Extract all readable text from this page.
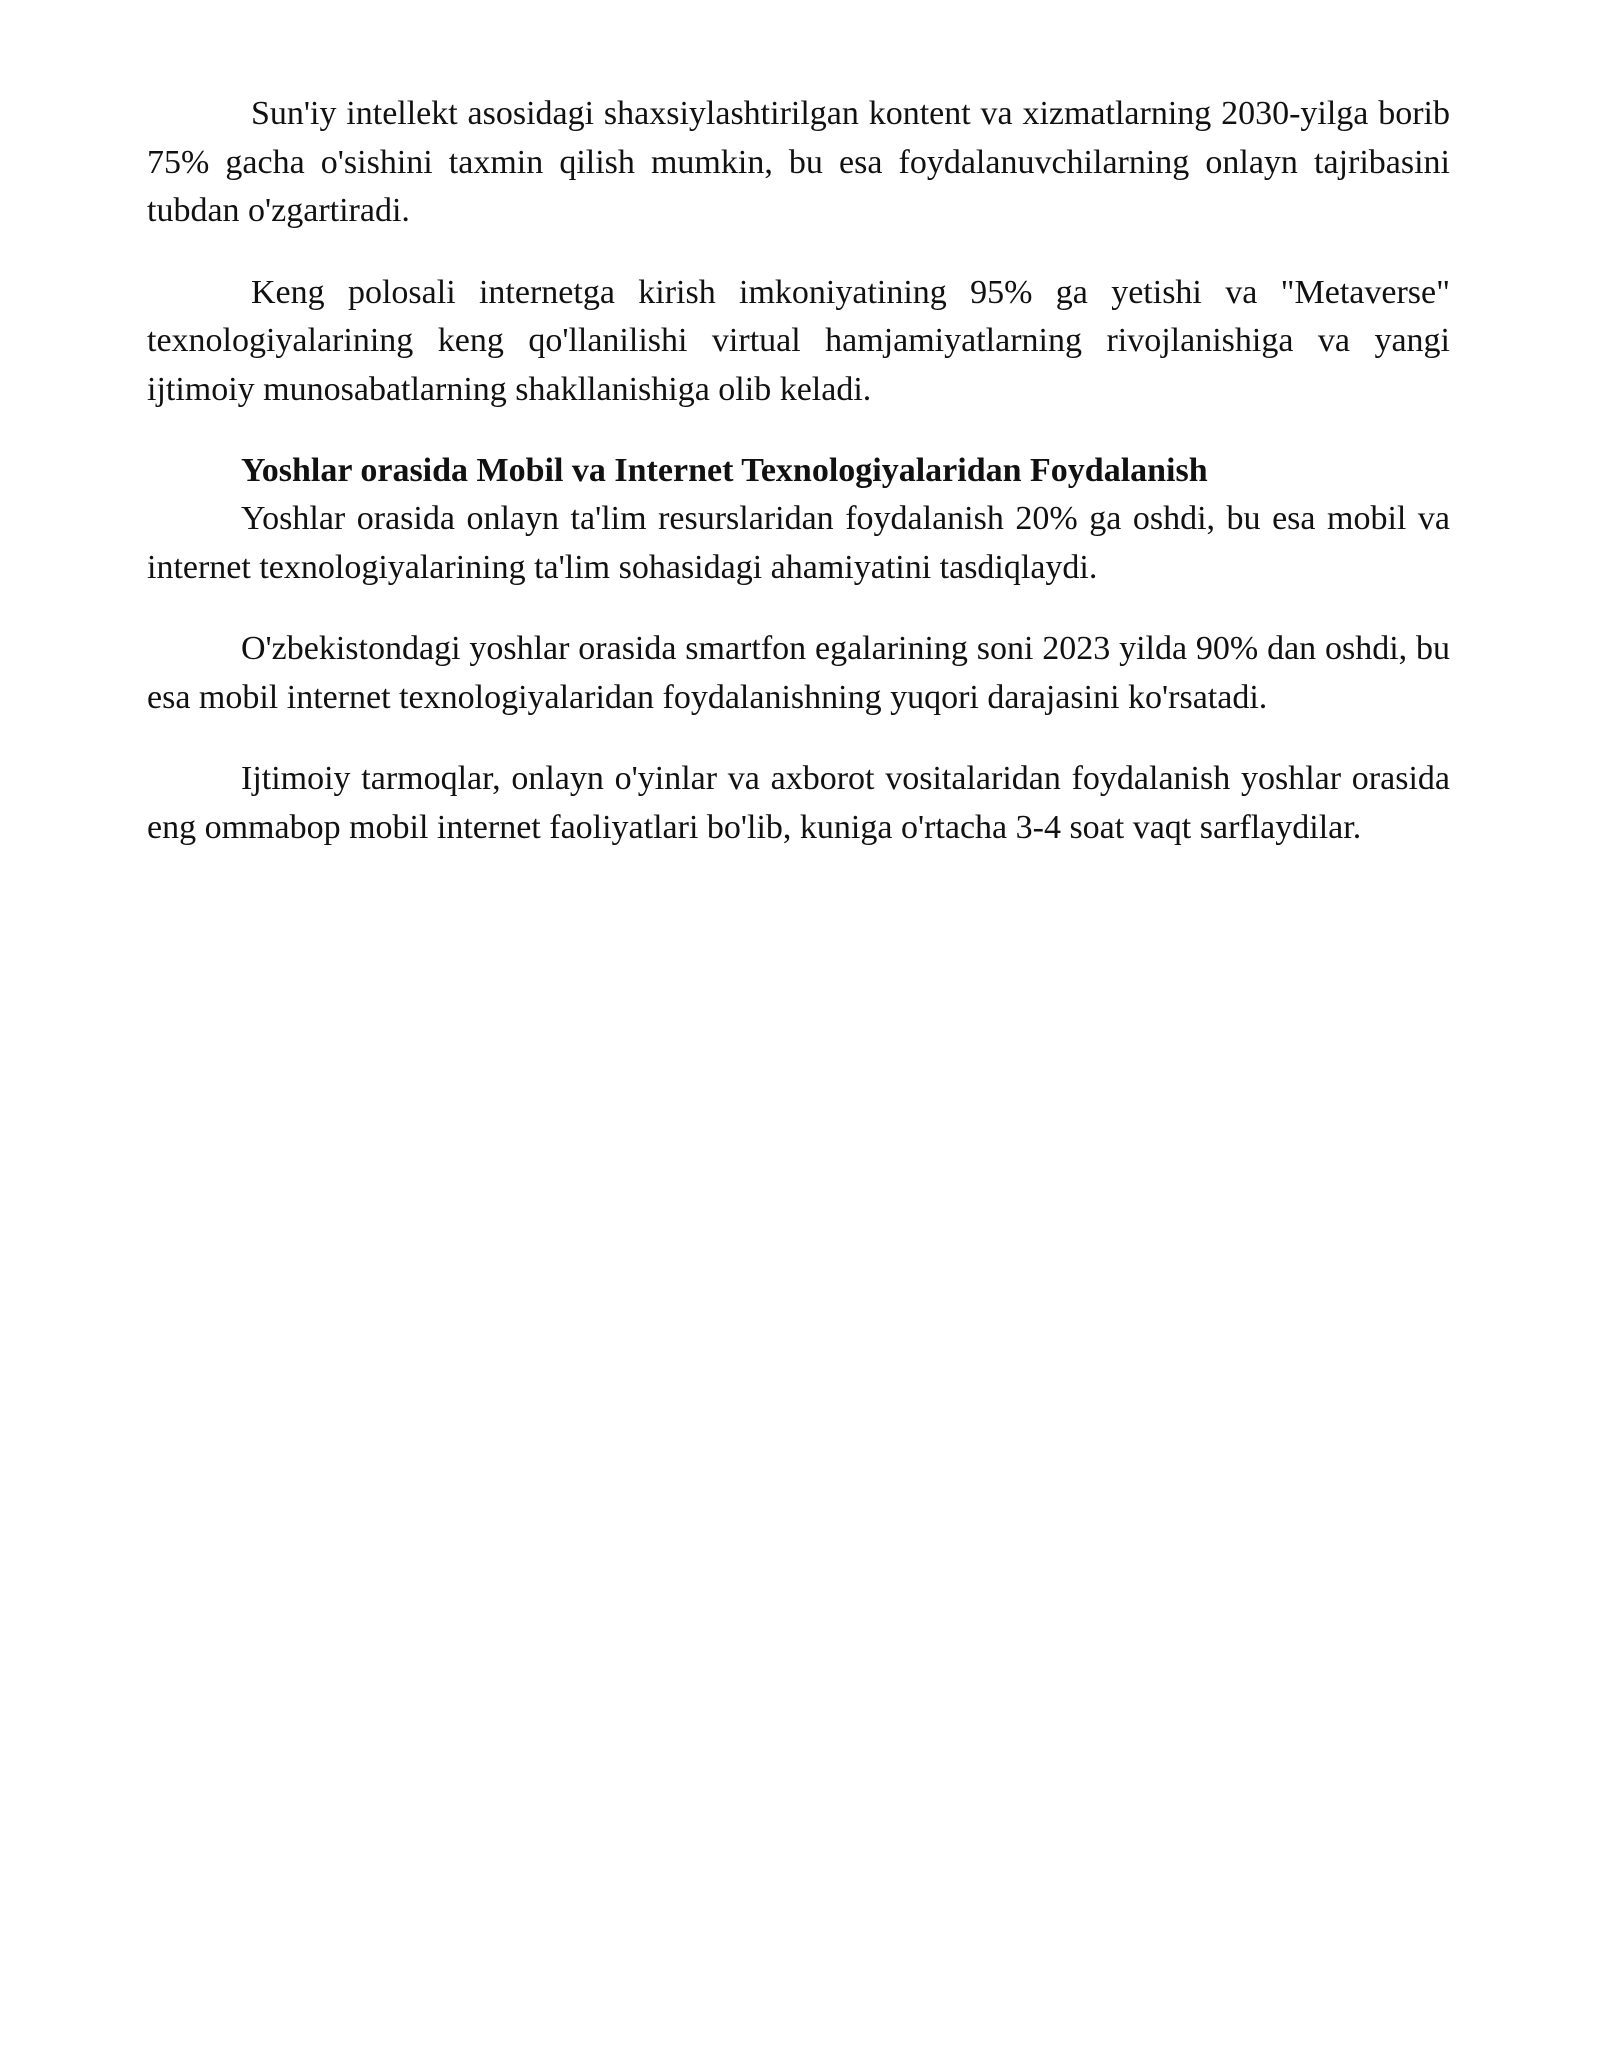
Sun'iy intellekt asosidagi shaxsiylashtirilgan kontent va xizmatlarning 2030-yilga borib 75% gacha o'sishini taxmin qilish mumkin, bu esa foydalanuvchilarning onlayn tajribasini tubdan o'zgartiradi.

Keng polosali internetga kirish imkoniyatining 95% ga yetishi va "Metaverse" texnologiyalarining keng qo'llanilishi virtual hamjamiyatlarning rivojlanishiga va yangi ijtimoiy munosabatlarning shakllanishiga olib keladi.

Yoshlar orasida Mobil va Internet Texnologiyalaridan Foydalanish

Yoshlar orasida onlayn ta'lim resurslaridan foydalanish 20% ga oshdi, bu esa mobil va internet texnologiyalarining ta'lim sohasidagi ahamiyatini tasdiqlaydi.

O'zbekistondagi yoshlar orasida smartfon egalarining soni 2023 yilda 90% dan oshdi, bu esa mobil internet texnologiyalaridan foydalanishning yuqori darajasini ko'rsatadi.

Ijtimoiy tarmoqlar, onlayn o'yinlar va axborot vositalaridan foydalanish yoshlar orasida eng ommabop mobil internet faoliyatlari bo'lib, kuniga o'rtacha 3-4 soat vaqt sarflaydilar.
